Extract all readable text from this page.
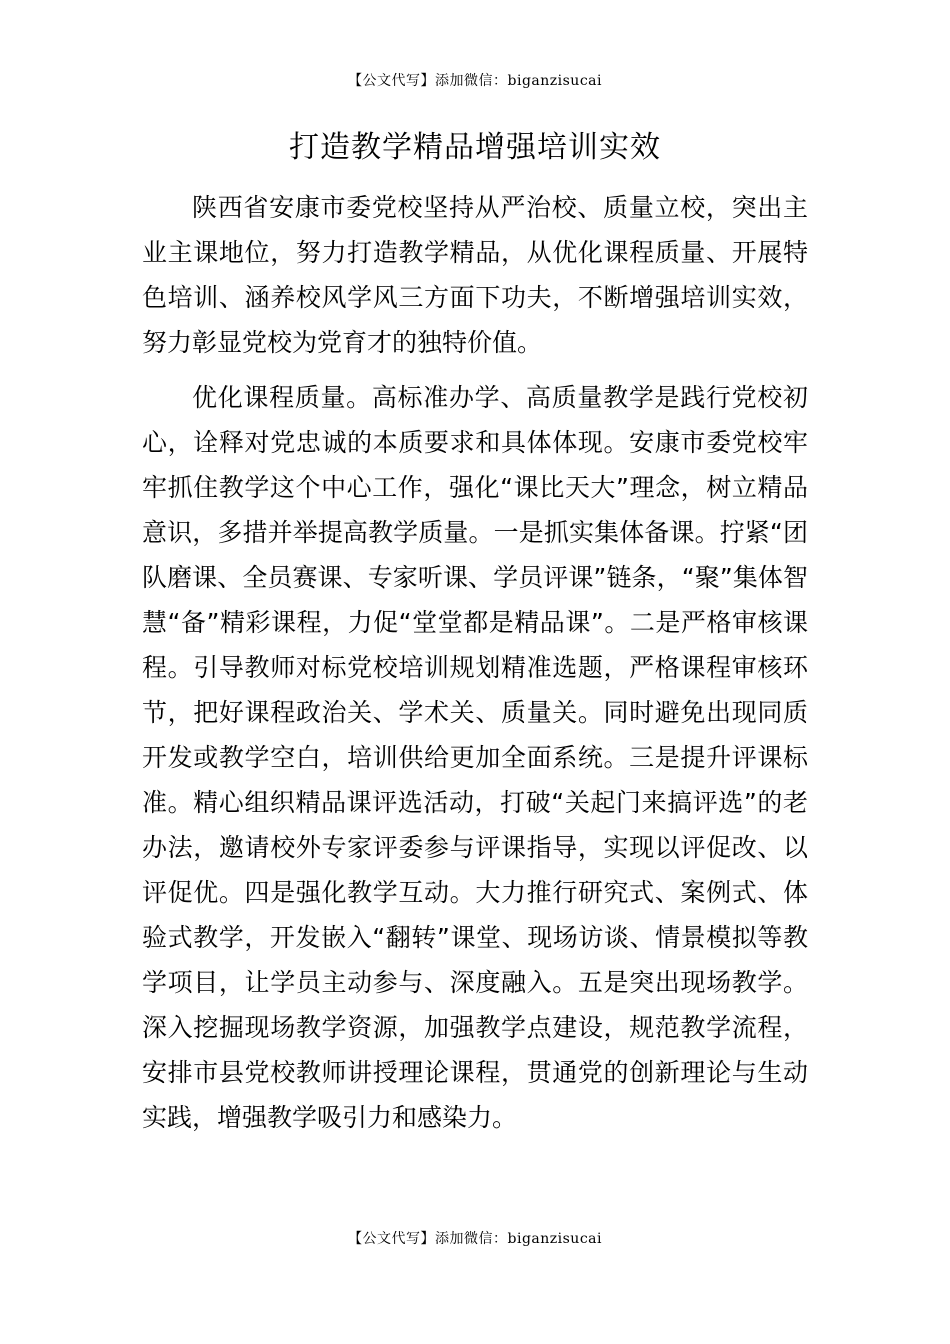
【公文代写】添加微信：biganzisucai
打造教学精品增强培训实效

陕西省安康市委党校坚持从严治校、质量立校，突出主业主课地位，努力打造教学精品，从优化课程质量、开展特色培训、涵养校风学风三方面下功夫，不断增强培训实效，努力彰显党校为党育才的独特价值。

优化课程质量。高标准办学、高质量教学是践行党校初心，诠释对党忠诚的本质要求和具体体现。安康市委党校牢牢抓住教学这个中心工作，强化“课比天大”理念，树立精品意识，多措并举提高教学质量。一是抓实集体备课。拧紧“团队磨课、全员赛课、专家听课、学员评课”链条，“聚”集体智慧“备”精彩课程，力促“堂堂都是精品课”。二是严格审核课程。引导教师对标党校培训规划精准选题，严格课程审核环节，把好课程政治关、学术关、质量关。同时避免出现同质开发或教学空白，培训供给更加全面系统。三是提升评课标准。精心组织精品课评选活动，打破“关起门来搞评选”的老办法，邀请校外专家评委参与评课指导，实现以评促改、以评促优。四是强化教学互动。大力推行研究式、案例式、体验式教学，开发嵌入“翻转”课堂、现场访谈、情景模拟等教学项目，让学员主动参与、深度融入。五是突出现场教学。深入挖掘现场教学资源，加强教学点建设，规范教学流程，安排市县党校教师讲授理论课程，贯通党的创新理论与生动实践，增强教学吸引力和感染力。

【公文代写】添加微信：biganzisucai
